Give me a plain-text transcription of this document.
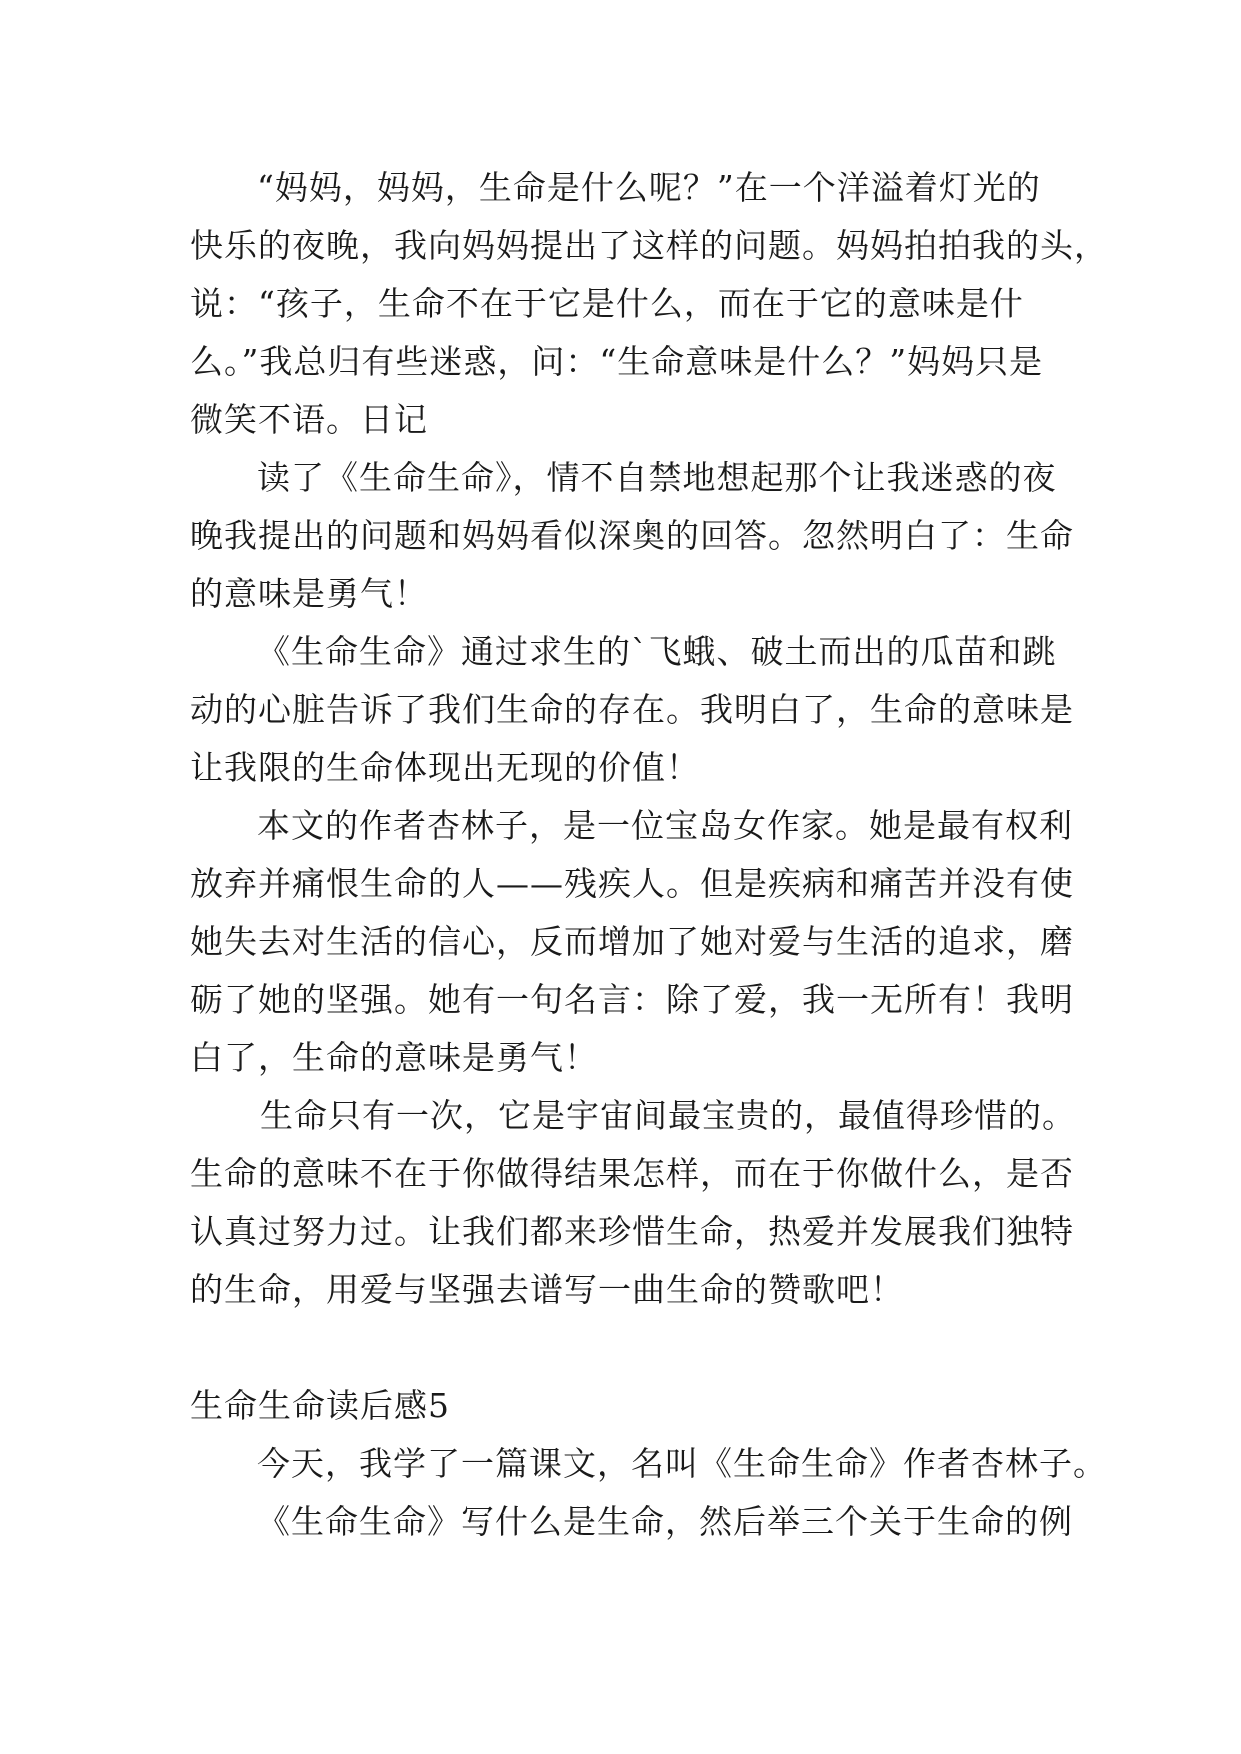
“妈妈，妈妈，生命是什么呢？”在一个洋溢着灯光的
快乐的夜晚，我向妈妈提出了这样的问题。妈妈拍拍我的头，
说：“孩子，生命不在于它是什么，而在于它的意味是什
么。”我总归有些迷惑，问：“生命意味是什么？”妈妈只是
微笑不语。日记
读了《生命生命》，情不自禁地想起那个让我迷惑的夜
晚我提出的问题和妈妈看似深奥的回答。忽然明白了：生命
的意味是勇气！
《生命生命》通过求生的`飞蛾、破土而出的瓜苗和跳
动的心脏告诉了我们生命的存在。我明白了，生命的意味是
让我限的生命体现出无现的价值！
本文的作者杏林子，是一位宝岛女作家。她是最有权利
放弃并痛恨生命的人——残疾人。但是疾病和痛苦并没有使
她失去对生活的信心，反而增加了她对爱与生活的追求，磨
砺了她的坚强。她有一句名言：除了爱，我一无所有！我明
白了，生命的意味是勇气！
生命只有一次，它是宇宙间最宝贵的，最值得珍惜的。
生命的意味不在于你做得结果怎样，而在于你做什么，是否
认真过努力过。让我们都来珍惜生命，热爱并发展我们独特
的生命，用爱与坚强去谱写一曲生命的赞歌吧！
生命生命读后感5
今天，我学了一篇课文，名叫《生命生命》作者杏林子。
《生命生命》写什么是生命，然后举三个关于生命的例
